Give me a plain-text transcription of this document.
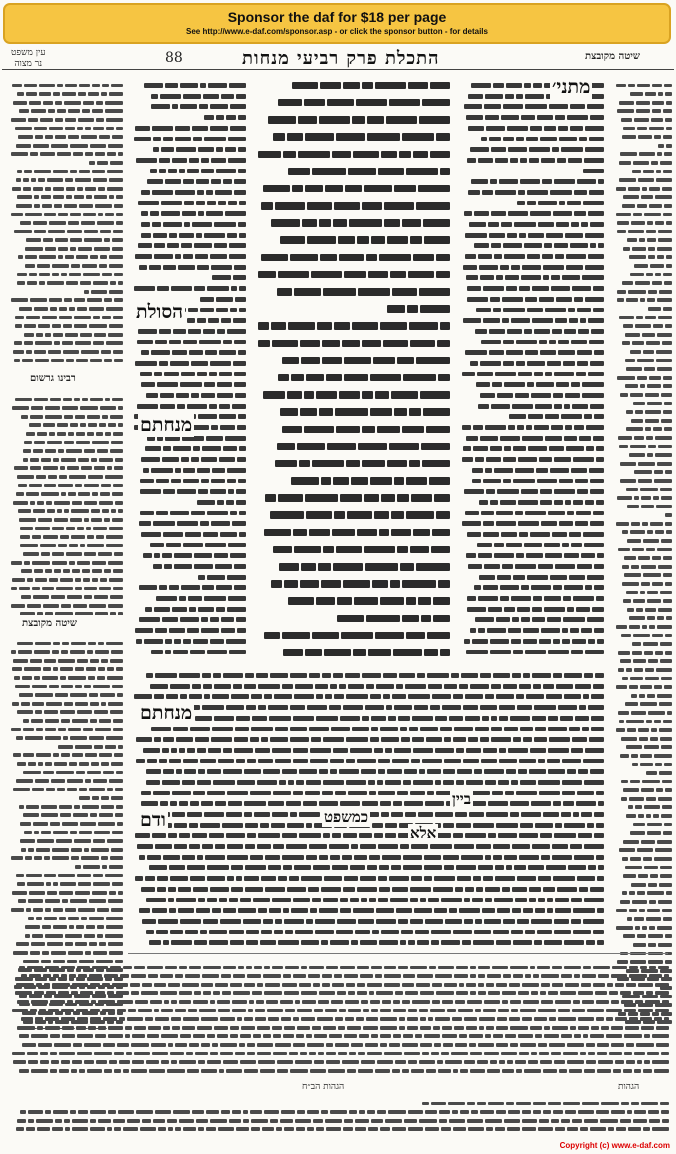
Sponsor the daf for $18 per page
See http://www.e-daf.com/sponsor.asp - or click the sponsor button - for details
עין משפט
נר מצוה	88	התכלת פרק רביעי מנחות	שיטה מקובצת
רבינו גרשום
שיטה מקובצת
מתני׳
הסולת
מנחתם
מנחתם
ודם	כמשפט
אלא
ביין
הגהות הב״ח	הגהות
Copyright (c) www.e-daf.com
